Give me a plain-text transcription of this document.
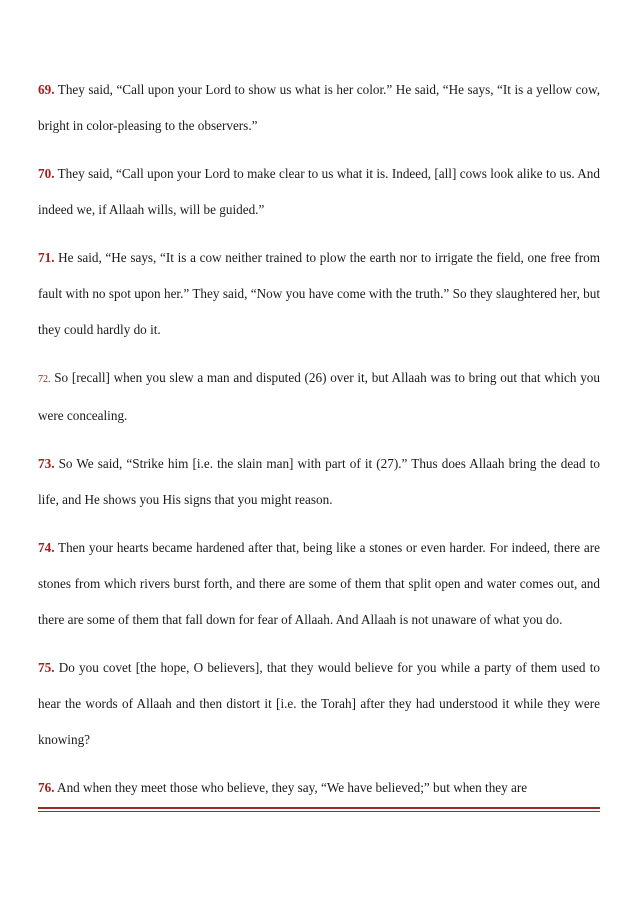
69. They said, “Call upon your Lord to show us what is her color.” He said, “He says, “It is a yellow cow, bright in color-pleasing to the observers.”

70. They said, “Call upon your Lord to make clear to us what it is. Indeed, [all] cows look alike to us. And indeed we, if Allaah wills, will be guided.”

71. He said, “He says, “It is a cow neither trained to plow the earth nor to irrigate the field, one free from fault with no spot upon her.” They said, “Now you have come with the truth.” So they slaughtered her, but they could hardly do it.

72. So [recall] when you slew a man and disputed (26) over it, but Allaah was to bring out that which you were concealing.

73. So We said, “Strike him [i.e. the slain man] with part of it (27).” Thus does Allaah bring the dead to life, and He shows you His signs that you might reason.

74. Then your hearts became hardened after that, being like a stones or even harder. For indeed, there are stones from which rivers burst forth, and there are some of them that split open and water comes out, and there are some of them that fall down for fear of Allaah. And Allaah is not unaware of what you do.

75. Do you covet [the hope, O believers], that they would believe for you while a party of them used to hear the words of Allaah and then distort it [i.e. the Torah] after they had understood it while they were knowing?

76. And when they meet those who believe, they say, “We have believed;” but when they are
